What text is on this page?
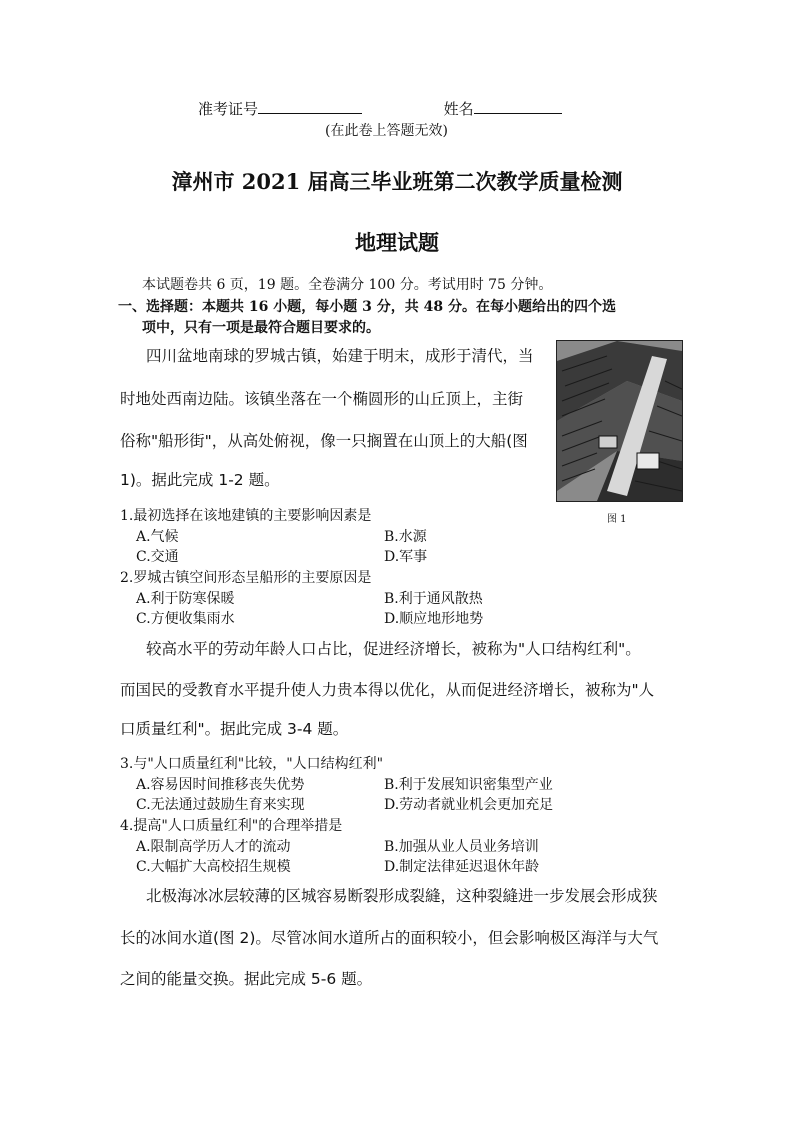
准考证号	姓名
(在此卷上答题无效)
漳州市 2021 届高三毕业班第二次教学质量检测
地理试题
本试题卷共 6 页，19 题。全卷满分 100 分。考试用时 75 分钟。
一、选择题：本题共 16 小题，每小题 3 分，共 48 分。在每小题给出的四个选
项中，只有一项是最符合题目要求的。
四川盆地南球的罗城古镇，始建于明末，成形于清代，当
时地处西南边陆。该镇坐落在一个椭圆形的山丘顶上，主街
俗称"船形街"，从高处俯视，像一只搁置在山顶上的大船(图
1)。据此完成 1-2 题。
图 1
1.最初选择在该地建镇的主要影响因素是
A.气候	B.水源
C.交通	D.军事
2.罗城古镇空间形态呈船形的主要原因是
A.利于防寒保暖	B.利于通风散热
C.方便收集雨水	D.顺应地形地势
较高水平的劳动年龄人口占比，促进经济增长，被称为"人口结构红利"。
而国民的受教育水平提升使人力贵本得以优化，从而促进经济增长，被称为"人
口质量红利"。据此完成 3-4 题。
3.与"人口质量红利"比较，"人口结构红利"
A.容易因时间推移丧失优势	B.利于发展知识密集型产业
C.无法通过鼓励生育来实现	D.劳动者就业机会更加充足
4.提高"人口质量红利"的合理举措是
A.限制高学历人才的流动	B.加强从业人员业务培训
C.大幅扩大高校招生规模	D.制定法律延迟退休年龄
北极海冰冰层较薄的区城容易断裂形成裂縫，这种裂縫进一步发展会形成狭
长的冰间水道(图 2)。尽管冰间水道所占的面积较小，但会影响极区海洋与大气
之间的能量交换。据此完成 5-6 题。
